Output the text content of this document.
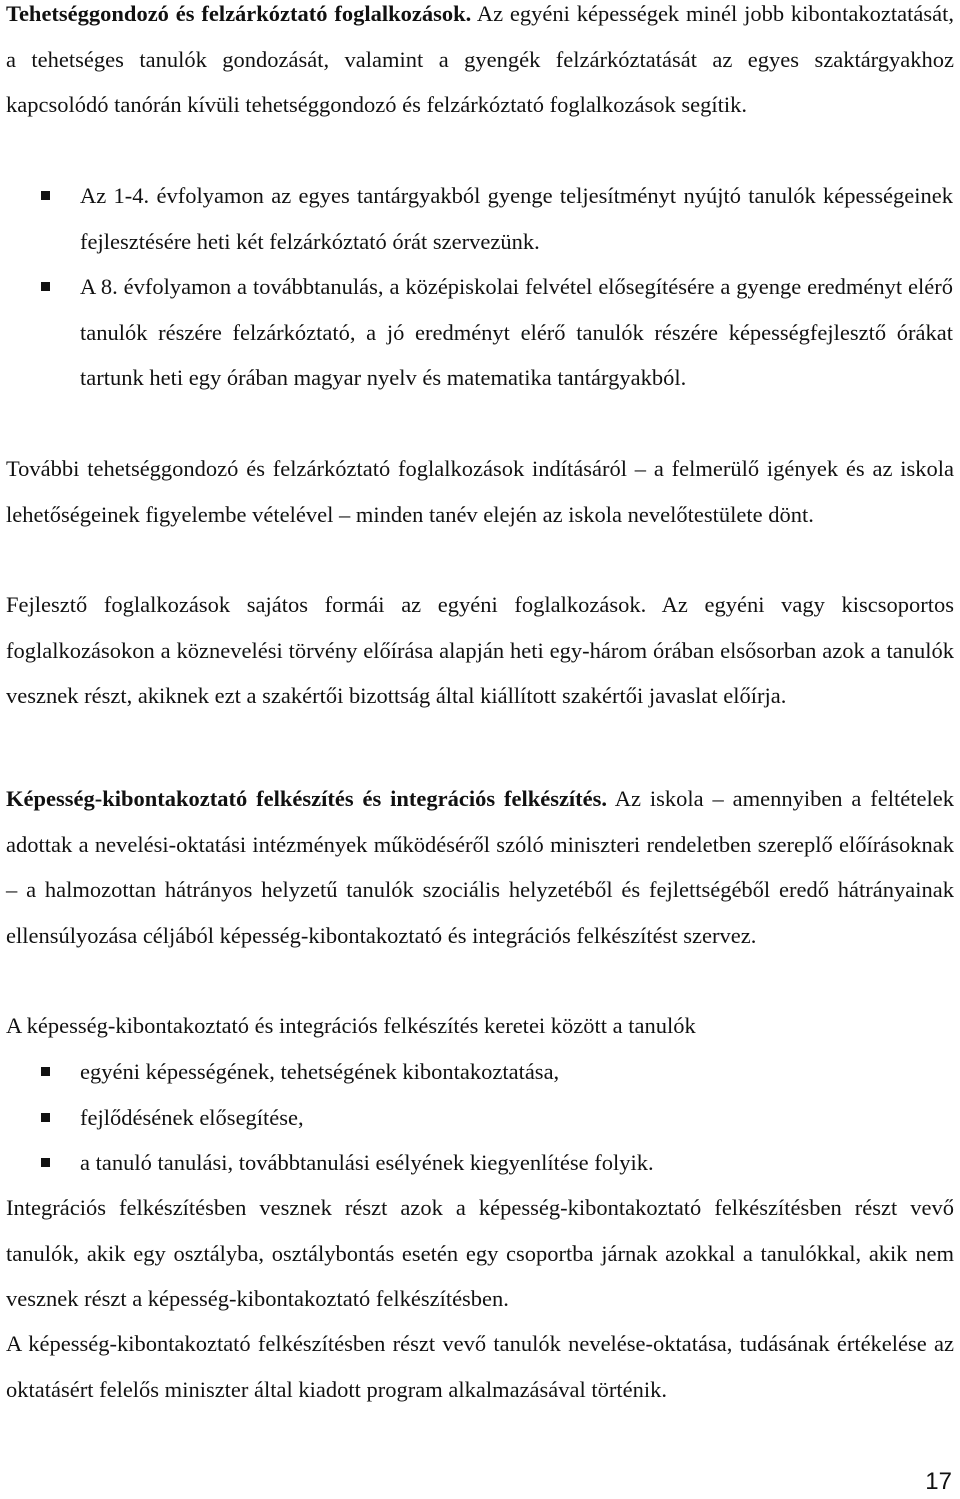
Tehetséggondozó és felzárkóztató foglalkozások. Az egyéni képességek minél jobb kibontakoztatását, a tehetséges tanulók gondozását, valamint a gyengék felzárkóztatását az egyes szaktárgyakhoz kapcsolódó tanórán kívüli tehetséggondozó és felzárkóztató foglalkozások segítik.

Az 1-4. évfolyamon az egyes tantárgyakból gyenge teljesítményt nyújtó tanulók képességeinek fejlesztésére heti két felzárkóztató órát szervezünk.
A 8. évfolyamon a továbbtanulás, a középiskolai felvétel elősegítésére a gyenge eredményt elérő tanulók részére felzárkóztató, a jó eredményt elérő tanulók részére képességfejlesztő órákat tartunk heti egy órában magyar nyelv és matematika tantárgyakból.

További tehetséggondozó és felzárkóztató foglalkozások indításáról – a felmerülő igények és az iskola lehetőségeinek figyelembe vételével – minden tanév elején az iskola nevelőtestülete dönt.

Fejlesztő foglalkozások sajátos formái az egyéni foglalkozások. Az egyéni vagy kiscsoportos foglalkozásokon a köznevelési törvény előírása alapján heti egy-három órában elsősorban azok a tanulók vesznek részt, akiknek ezt a szakértői bizottság által kiállított szakértői javaslat előírja.

Képesség-kibontakoztató felkészítés és integrációs felkészítés. Az iskola – amennyiben a feltételek adottak a nevelési-oktatási intézmények működéséről szóló miniszteri rendeletben szereplő előírásoknak – a halmozottan hátrányos helyzetű tanulók szociális helyzetéből és fejlettségéből eredő hátrányainak ellensúlyozása céljából képesség-kibontakoztató és integrációs felkészítést szervez.

A képesség-kibontakoztató és integrációs felkészítés keretei között a tanulók

egyéni képességének, tehetségének kibontakoztatása,
fejlődésének elősegítése,
a tanuló tanulási, továbbtanulási esélyének kiegyenlítése folyik.

Integrációs felkészítésben vesznek részt azok a képesség-kibontakoztató felkészítésben részt vevő tanulók, akik egy osztályba, osztálybontás esetén egy csoportba járnak azokkal a tanulókkal, akik nem vesznek részt a képesség-kibontakoztató felkészítésben.

A képesség-kibontakoztató felkészítésben részt vevő tanulók nevelése-oktatása, tudásának értékelése az oktatásért felelős miniszter által kiadott program alkalmazásával történik.

17
